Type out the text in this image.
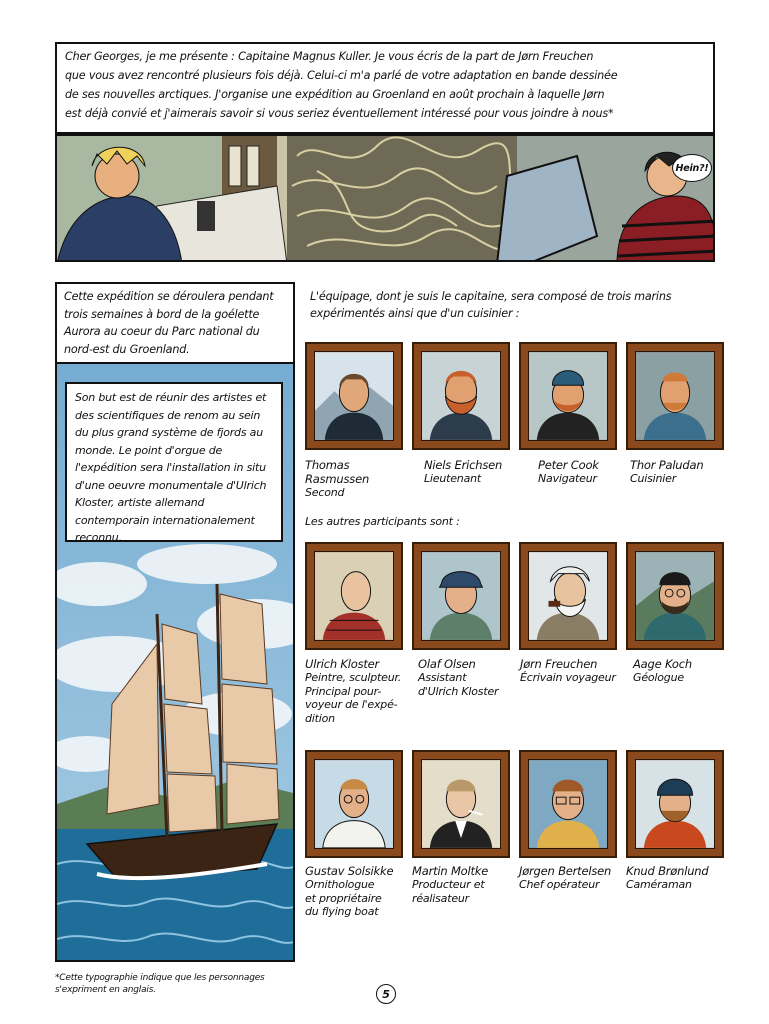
Cher Georges, je me présente : Capitaine Magnus Kuller. Je vous écris de la part de Jørn Freuchen
que vous avez rencontré plusieurs fois déjà. Celui-ci m'a parlé de votre adaptation en bande dessinée
de ses nouvelles arctiques. J'organise une expédition au Groenland en août prochain à laquelle Jørn
est déjà convié et j'aimerais savoir si vous seriez éventuellement intéressé pour vous joindre à nous*
Hein?!
Cette expédition se déroulera pendant trois semaines à bord de la goélette Aurora au coeur du Parc national du nord-est du Groenland.
Son but est de réunir des artistes et des scientifiques de renom au sein du plus grand système de fjords au monde. Le point d'orgue de l'expédition sera l'installation in situ d'une oeuvre monumentale d'Ulrich Kloster, artiste allemand contemporain internationalement reconnu.
L'équipage, dont je suis le capitaine, sera composé de trois marins expérimentés ainsi que d'un cuisinier :
Thomas Rasmussen
Second
Niels Erichsen
Lieutenant
Peter Cook
Navigateur
Thor Paludan
Cuisinier
Les autres participants sont :
Ulrich Kloster
Peintre, sculpteur.
Principal pour-
voyeur de l'expé-
dition
Olaf Olsen
Assistant
d'Ulrich Kloster
Jørn Freuchen
Écrivain voyageur
Aage Koch
Géologue
Gustav Solsikke
Ornithologue
et propriétaire
du flying boat
Martin Moltke
Producteur et
réalisateur
Jørgen Bertelsen
Chef opérateur
Knud Brønlund
Caméraman
*Cette typographie indique que les personnages s'expriment en anglais.	5
